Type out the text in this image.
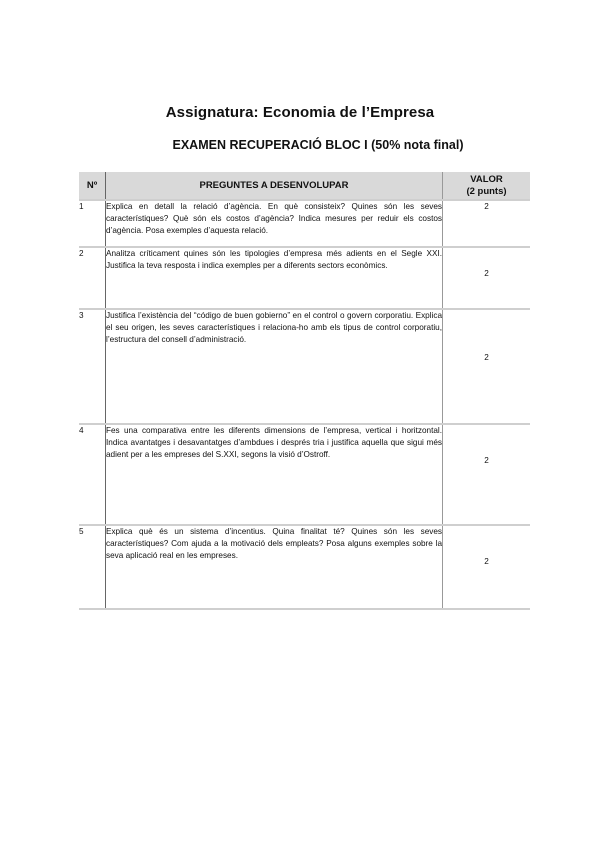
Assignatura: Economia de l’Empresa
EXAMEN RECUPERACIÓ BLOC I (50% nota final)
Nº	PREGUNTES A DESENVOLUPAR	VALOR
(2 punts)

1	Explica en detall la relació d’agència. En què consisteix? Quines són les seves característiques? Què són els costos d’agència? Indica mesures per reduir els costos d’agència. Posa exemples d’aquesta relació.	2
2	Analitza críticament quines són les tipologies d’empresa més adients en el Segle XXI. Justifica la teva resposta i indica exemples per a diferents sectors econòmics.	2
3	Justifica l’existència del “código de buen gobierno” en el control o govern corporatiu. Explica el seu origen, les seves característiques i relaciona-ho amb els tipus de control corporatiu, l’estructura del consell d’administració.	2
4	Fes una comparativa entre les diferents dimensions de l’empresa, vertical i horitzontal. Indica avantatges i desavantatges d’ambdues i després tria i justifica aquella que sigui més adient per a les empreses del S.XXI, segons la visió d’Ostroff.	2
5	Explica què és un sistema d’incentius. Quina finalitat té? Quines són les seves característiques? Com ajuda a la motivació dels empleats? Posa alguns exemples sobre la seva aplicació real en les empreses.	2
